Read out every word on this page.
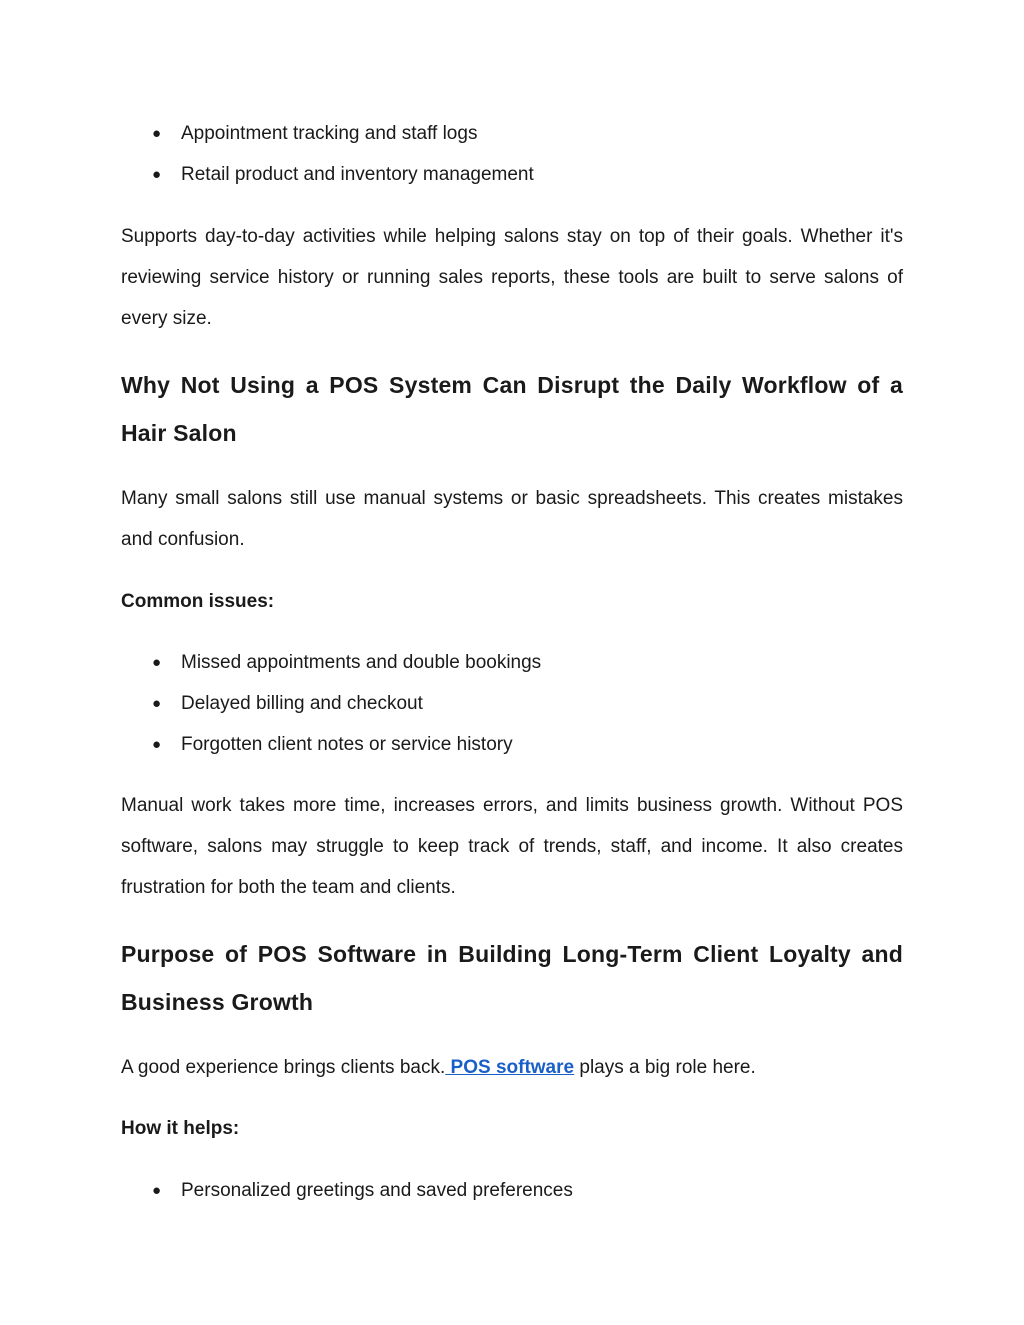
● Appointment tracking and staff logs
● Retail product and inventory management

Supports day-to-day activities while helping salons stay on top of their goals. Whether it's reviewing service history or running sales reports, these tools are built to serve salons of every size.

Why Not Using a POS System Can Disrupt the Daily Workflow of a Hair Salon

Many small salons still use manual systems or basic spreadsheets. This creates mistakes and confusion.

Common issues:

● Missed appointments and double bookings
● Delayed billing and checkout
● Forgotten client notes or service history

Manual work takes more time, increases errors, and limits business growth. Without POS software, salons may struggle to keep track of trends, staff, and income. It also creates frustration for both the team and clients.

Purpose of POS Software in Building Long-Term Client Loyalty and Business Growth

A good experience brings clients back. POS software plays a big role here.

How it helps:

● Personalized greetings and saved preferences
